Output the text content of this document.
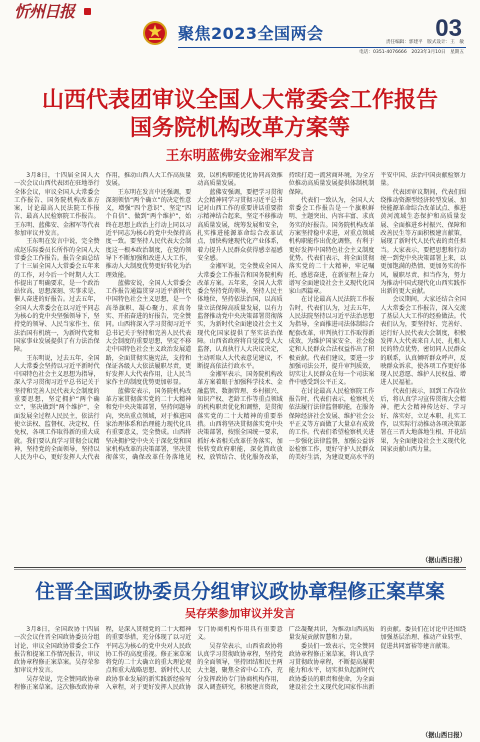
忻州日报
聚焦2023全国两会	03
责任编辑：郭建平　版式设计：王　敏
电话：0351-4076666　2023年3月10日　星期五
山西代表团审议全国人大常委会工作报告
国务院机构改革方案等
王东明蓝佛安金湘军发言

3月8日，十四届全国人大一次会议山西代表团在驻地举行全体会议，审议全国人大常委会工作报告、国务院机构改革方案，讨论最高人民法院工作报告、最高人民检察院工作报告。王东明、蓝佛安、金湘军等代表参加审议并发言。

王东明在发言中说，完全赞成赵乐际委员长所作的全国人大常委会工作报告。报告全面总结了十三届全国人大常委会五年来的工作，对今后一个时期人大工作提出了明确要求，是一个政治站位高、思想深刻、实事求是、催人奋进的好报告。过去五年，全国人大常委会在以习近平同志为核心的党中央坚强领导下，坚持党的领导、人民当家作主、依法治国有机统一，为新时代党和国家事业发展提供了有力法治保障。

王东明说，过去五年，全国人大常委会坚持以习近平新时代中国特色社会主义思想为指导，深入学习贯彻习近平总书记关于坚持和完善人民代表大会制度的重要思想，坚定拥护“两个确立”，坚决做到“两个维护”，全面发展全过程人民民主，依法行使立法权、监督权、决定权、任免权，各项工作取得新的重大成就。我们要认真学习贯彻会议精神，坚持党的全面领导，坚持以人民为中心，更好发挥人大代表作用，推动山西人大工作高质量发展。

王东明在发言中还强调，要深刻领悟“两个确立”的决定性意义，增强“四个意识”、坚定“四个自信”、做到“两个维护”，始终在思想上政治上行动上同以习近平同志为核心的党中央保持高度一致。要坚持人民代表大会制度这一根本政治制度，在党的领导下不断加强和改进人大工作，推动人大制度优势更好转化为治理效能。

蓝佛安说，全国人大常委会工作报告通篇贯穿习近平新时代中国特色社会主义思想，是一个高举旗帜、凝心聚力、求真务实、开拓奋进的好报告，完全赞同。山西将深入学习贯彻习近平总书记关于坚持和完善人民代表大会制度的重要思想，坚定不移走中国特色社会主义政治发展道路，全面贯彻实施宪法，支持和保证各级人大依法履职尽责，更好发挥人大代表作用，让人民当家作主的制度优势更加彰显。

蓝佛安表示，国务院机构改革方案贯彻落实党的二十大精神和党中央决策部署，坚持问题导向，突出重点领域，对于推进国家治理体系和治理能力现代化具有重要意义，完全赞成。山西将坚决拥护党中央关于深化党和国家机构改革的决策部署，坚决贯彻落实，确保改革任务落地见效，以机构职能优化协同高效推动高质量发展。

蓝佛安强调，要把学习贯彻大会精神同学习贯彻习近平总书记对山西工作的重要讲话重要指示精神结合起来，坚定不移推动高质量发展，统筹发展和安全，扎实推进能源革命综合改革试点，加快构建现代化产业体系，着力提升人民群众获得感幸福感安全感。

金湘军说，完全赞成全国人大常委会工作报告和国务院机构改革方案。五年来，全国人大常委会坚持党的领导，坚持人民主体地位，坚持依法治国，以高质量立法保障高质量发展，以有力监督推动党中央决策部署贯彻落实，为新时代全面建设社会主义现代化国家提供了坚实法治保障。山西省政府将自觉接受人大监督，认真执行人大决议决定，主动听取人大代表意见建议，不断提高依法行政水平。

金湘军表示，国务院机构改革方案着眼于加强科学技术、金融监管、数据管理、乡村振兴、知识产权、老龄工作等重点领域的机构职责优化和调整，是贯彻落实党的二十大精神的重要举措。山西将坚决贯彻落实党中央决策部署，按照全国统一要求，抓好本省相关改革任务落实，加快转变政府职能，深化简政放权、放管结合、优化服务改革，持续打造一流营商环境，为全方位推动高质量发展提供体制机制保障。

代表们一致认为，全国人大常委会工作报告是一个旗帜鲜明、主题突出、内容丰富、求真务实的好报告。国务院机构改革方案坚持稳中求进，对重点领域机构职能作出优化调整，有利于更好发挥中国特色社会主义制度优势。代表们表示，将全面贯彻落实党的二十大精神，牢记嘱托、感恩奋进，在新征程上奋力谱写全面建设社会主义现代化国家山西篇章。

在讨论最高人民法院工作报告时，代表们认为，过去五年，人民法院坚持以习近平法治思想为指导，全面推进司法体制综合配套改革，审判执行工作取得新成效，为维护国家安全、社会稳定和人民群众合法权益作出了积极贡献。代表们建议，要进一步加强司法公开，提升审判质效，切实让人民群众在每一个司法案件中感受到公平正义。

在讨论最高人民检察院工作报告时，代表们表示，检察机关依法履行法律监督职能，在服务保障经济社会发展、维护社会公平正义等方面做了大量卓有成效的工作。代表们希望检察机关进一步强化法律监督，加强公益诉讼检察工作，更好守护人民群众的美好生活，为建设更高水平的平安中国、法治中国贡献检察力量。

代表团审议期间，代表们围绕推动资源型经济转型发展、加快能源革命综合改革试点、推进黄河流域生态保护和高质量发展、全面推进乡村振兴、保障和改善民生等方面积极建言献策，展现了新时代人民代表的责任担当。大家表示，要把思想和行动统一到党中央决策部署上来，以更加饱满的热情、更加务实的作风，履职尽责、担当作为，努力为推动中国式现代化山西实践作出新的更大贡献。

会议期间，大家还结合全国人大常委会工作报告，深入交流了基层人大工作的经验做法。代表们认为，要坚持好、完善好、运行好人民代表大会制度，积极发挥人大代表来自人民、扎根人民的特点优势，密切同人民群众的联系，认真倾听群众呼声，反映群众诉求，使各项工作更好体现人民意愿、维护人民权益、增进人民福祉。

代表们表示，回到工作岗位后，将认真学习宣传贯彻大会精神，把大会精神传达好、学习好、落实好，立足本职、扎实工作，以实际行动推动各项决策部署在三晋大地落地生根、开花结果，为全面建设社会主义现代化国家贡献山西力量。

（据山西日报）
住晋全国政协委员分组审议政协章程修正案草案
吴存荣参加审议并发言

3月8日，全国政协十四届一次会议住晋全国政协委员分组讨论，审议全国政协常委会工作报告和提案工作情况报告，审议政协章程修正案草案。吴存荣参加审议并发言。

吴存荣说，完全赞同政协章程修正案草案。这次修改政协章程，是深入贯彻党的二十大精神的重要举措，充分体现了以习近平同志为核心的党中央对人民政协工作的高度重视。修正案草案将党的二十大确立的重大理论观点和重大战略思想、新时代人民政协事业发展的新实践新经验写入章程，对于更好发挥人民政协专门协商机构作用具有重要意义。

吴存荣表示，山西省政协将认真学习贯彻政协章程，坚持党的全面领导，坚持团结和民主两大主题，聚焦全省中心工作，充分发挥政协专门协商机构作用，深入调查研究，积极建言资政，广泛凝聚共识，为推动山西高质量发展贡献智慧和力量。

委员们一致表示，完全赞同政协章程修正案草案，将认真学习贯彻政协章程，不断提高履职能力和水平，切实担负起新时代政协委员的职责和使命，为全面建设社会主义现代化国家作出新的贡献。委员们在讨论中还围绕加强基层治理、推动产业转型、促进共同富裕等建言献策。

（据山西日报）
